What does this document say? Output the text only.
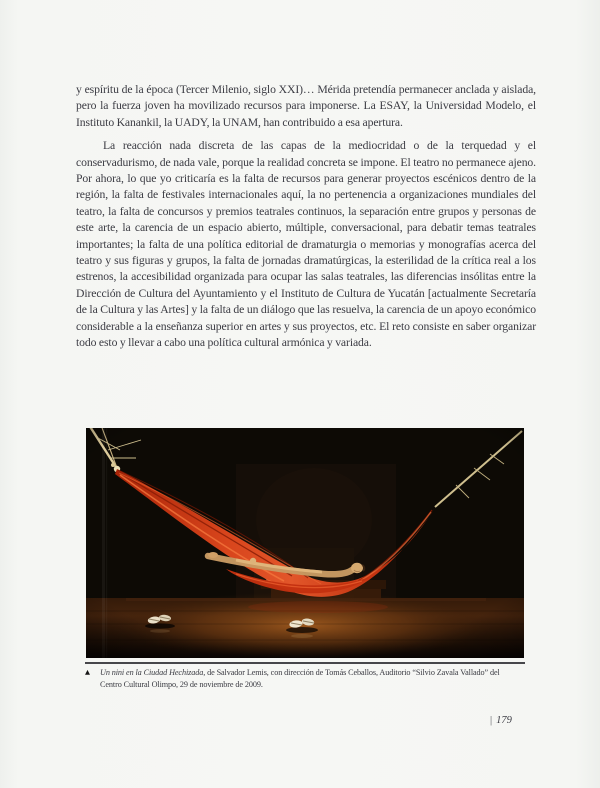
y espíritu de la época (Tercer Milenio, siglo XXI)… Mérida pretendía permanecer anclada y aislada, pero la fuerza joven ha movilizado recursos para imponerse. La ESAY, la Universidad Modelo, el Instituto Kanankil, la UADY, la UNAM, han contribuido a esa apertura.

La reacción nada discreta de las capas de la mediocridad o de la terquedad y el conservadurismo, de nada vale, porque la realidad concreta se impone. El teatro no permanece ajeno. Por ahora, lo que yo criticaría es la falta de recursos para generar proyectos escénicos dentro de la región, la falta de festivales internacionales aquí, la no pertenencia a organizaciones mundiales del teatro, la falta de concursos y premios teatrales continuos, la separación entre grupos y personas de este arte, la carencia de un espacio abierto, múltiple, conversacional, para debatir temas teatrales importantes; la falta de una política editorial de dramaturgia o memorias y monografías acerca del teatro y sus figuras y grupos, la falta de jornadas dramatúrgicas, la esterilidad de la crítica real a los estrenos, la accesibilidad organizada para ocupar las salas teatrales, las diferencias insólitas entre la Dirección de Cultura del Ayuntamiento y el Instituto de Cultura de Yucatán [actualmente Secretaría de la Cultura y las Artes] y la falta de un diálogo que las resuelva, la carencia de un apoyo económico considerable a la enseñanza superior en artes y sus proyectos, etc. El reto consiste en saber organizar todo esto y llevar a cabo una política cultural armónica y variada.

▲	Un nini en la Ciudad Hechizada, de Salvador Lemis, con dirección de Tomás Ceballos, Auditorio “Silvio Zavala Vallado” del Centro Cultural Olimpo, 29 de noviembre de 2009.
| 179
